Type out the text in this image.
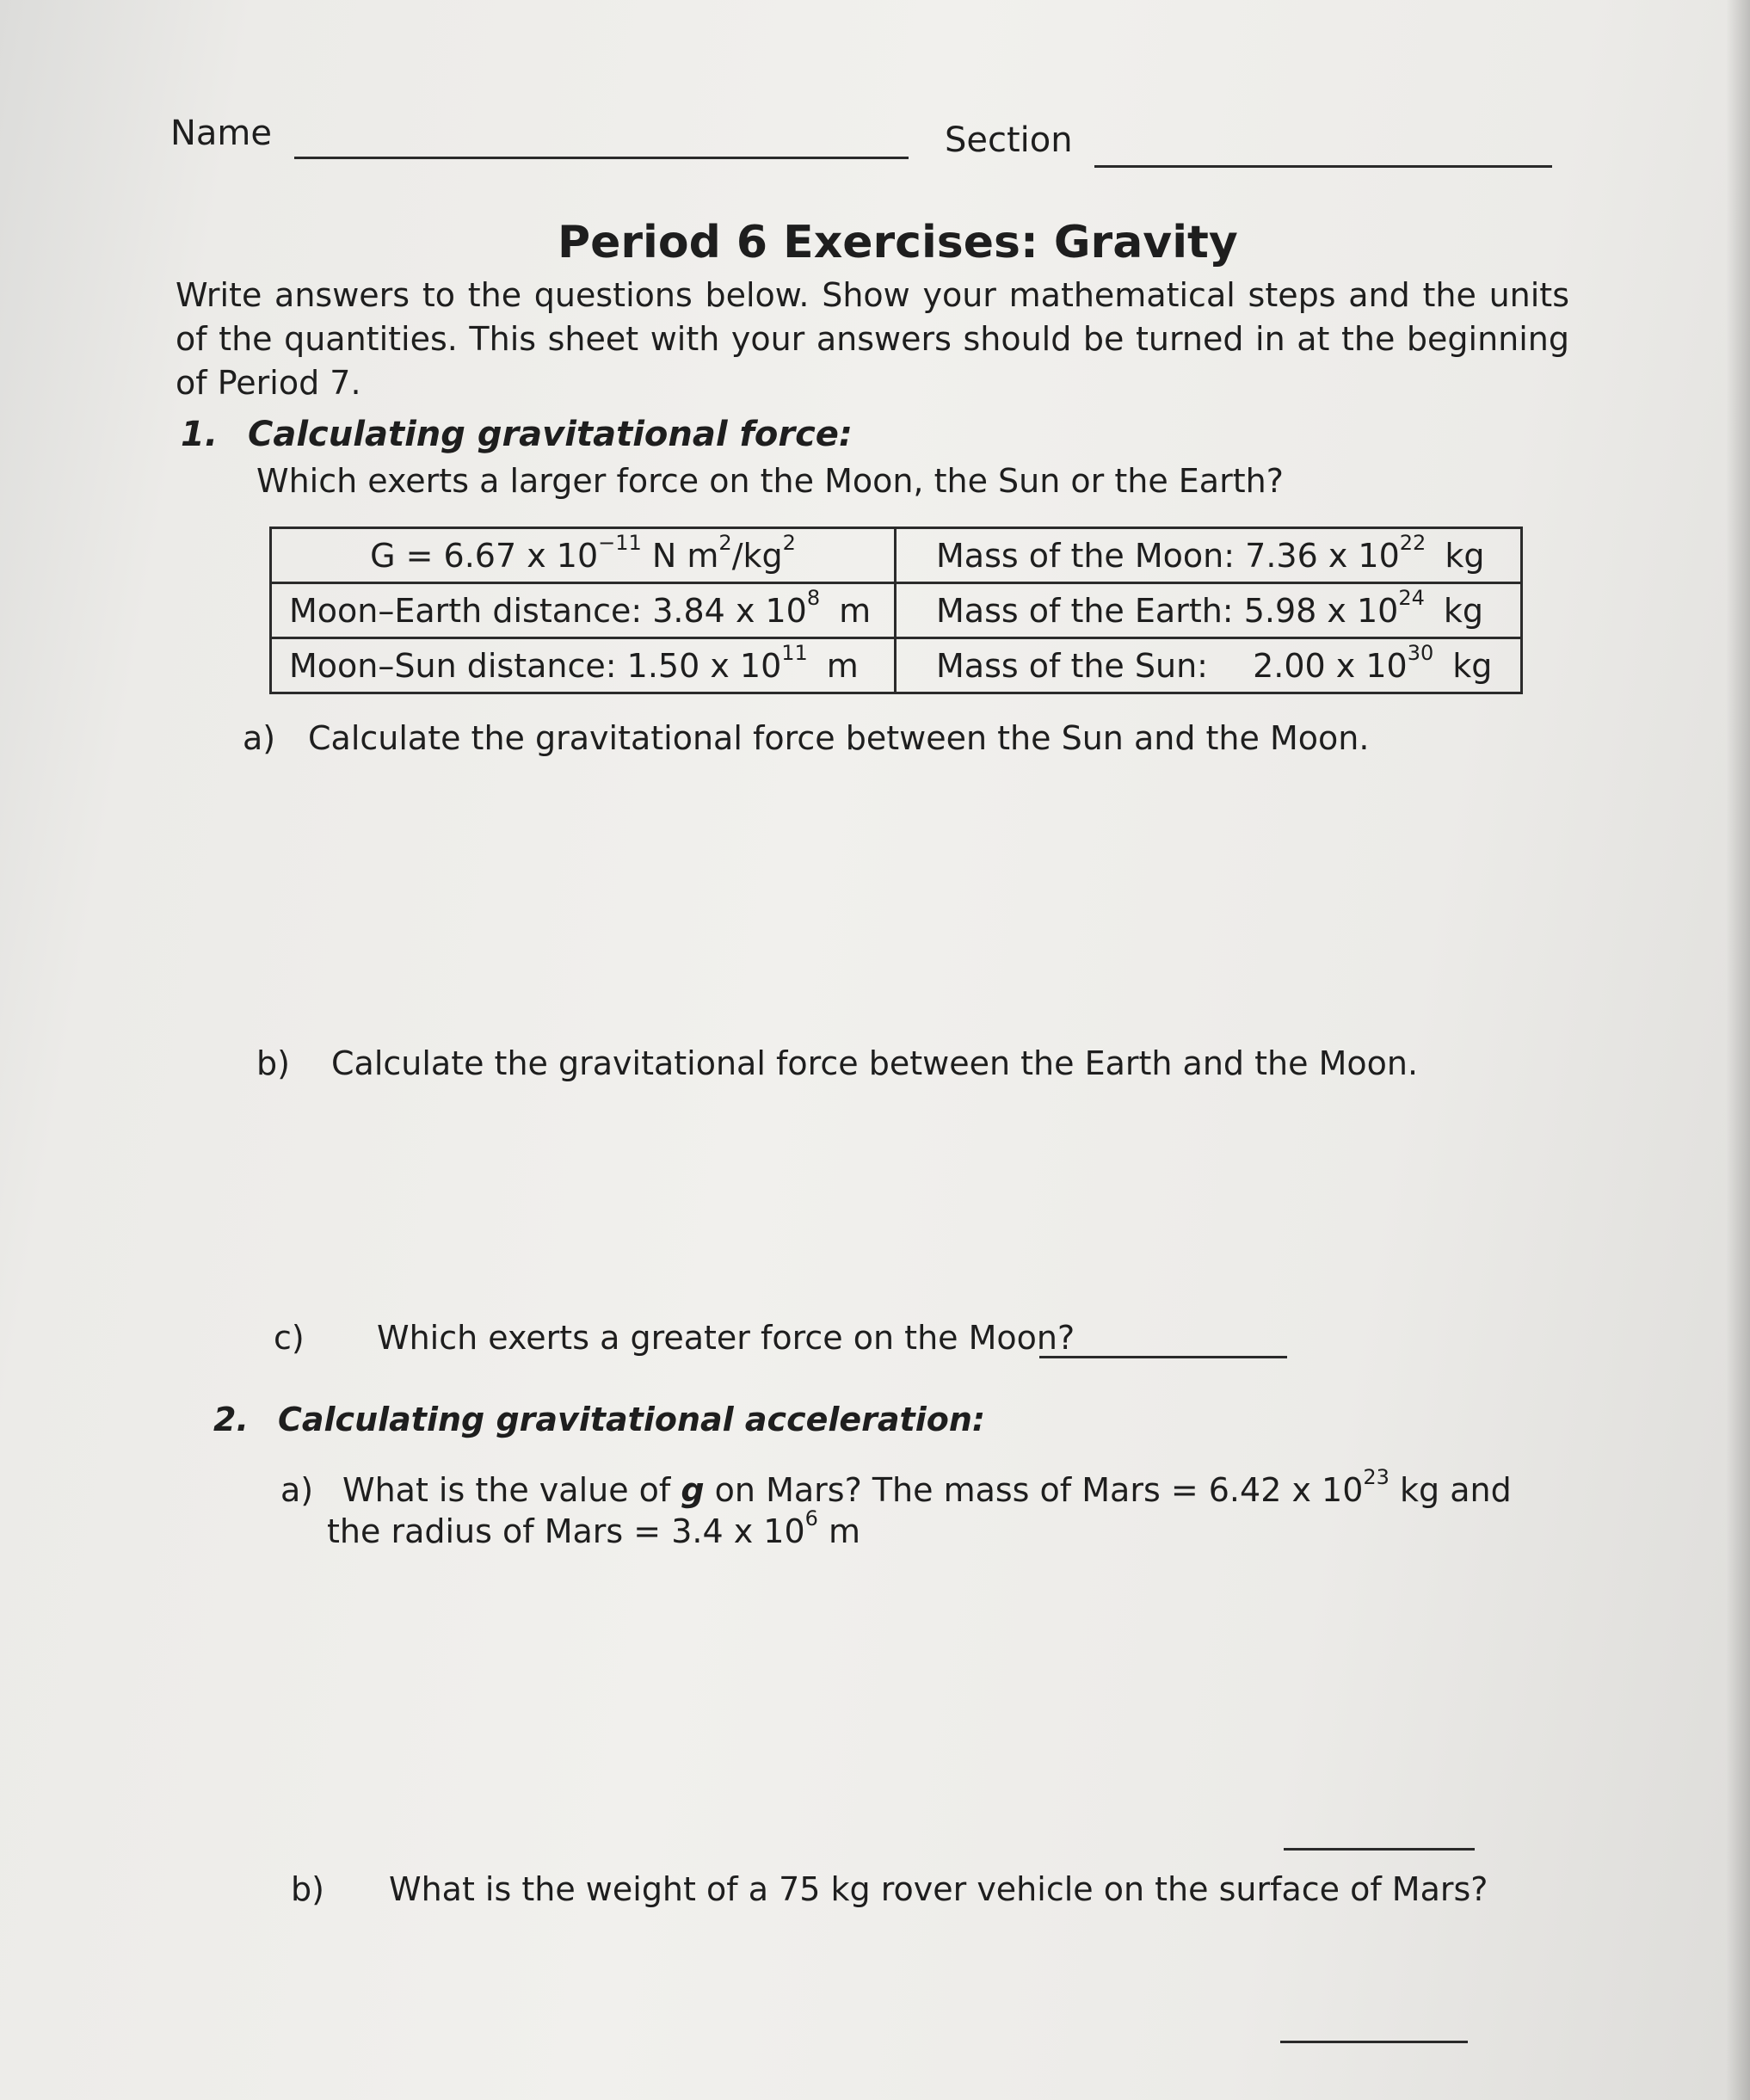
Name	Section
Period 6 Exercises: Gravity
Write answers to the questions below. Show your mathematical steps and the units of the quantities. This sheet with your answers should be turned in at the beginning of Period 7.
1. Calculating gravitational force:
Which exerts a larger force on the Moon, the Sun or the Earth?
G = 6.67 x $10^{-11}$ N $m^2/kg^2$	Mass of the Moon: 7.36 x $10^{22}$ kg
Moon–Earth distance: 3.84 x $10^8$ m	Mass of the Earth: 5.98 x $10^{24}$ kg
Moon–Sun distance: 1.50 x $10^{11}$ m	Mass of the Sun: 2.00 x $10^{30}$ kg
a) Calculate the gravitational force between the Sun and the Moon.
b) Calculate the gravitational force between the Earth and the Moon.
c) Which exerts a greater force on the Moon?
2. Calculating gravitational acceleration:
a) What is the value of g on Mars? The mass of Mars = 6.42 x $10^{23}$ kg and
the radius of Mars = 3.4 x $10^6$ m
b) What is the weight of a 75 kg rover vehicle on the surface of Mars?
